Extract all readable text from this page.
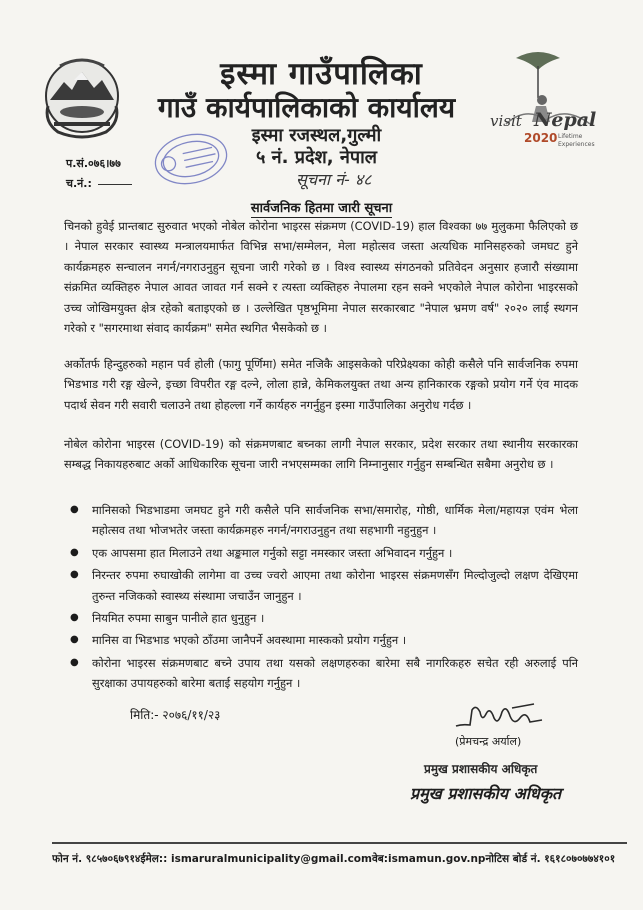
इस्मा गाउँपालिका
गाउँ कार्यपालिकाको कार्यालय
इस्मा रजस्थल,गुल्मी
५ नं. प्रदेश, नेपाल
visit Nepal
2020 Lifetime
Experiences
प.सं.०७६।७७
च.नं.:	सूचना नं- ४८
सार्वजनिक हितमा जारी सूचना
चिनको हुवेई प्रान्तबाट सुरुवात भएको नोबेल कोरोना भाइरस संक्रमण (COVID-19) हाल विश्वका ७७ मुलुकमा फैलिएको छ । नेपाल सरकार स्वास्थ्य मन्त्रालयमार्फत विभिन्न सभा/सम्मेलन, मेला महोत्सव जस्ता अत्यधिक मानिसहरुको जमघट हुने कार्यक्रमहरु सन्चालन नगर्न/नगराउनुहुन सूचना जारी गरेको छ । विश्व स्वास्थ्य संगठनको प्रतिवेदन अनुसार हजारौ संख्यामा संक्रमित व्यक्तिहरु नेपाल आवत जावत गर्न सक्ने र त्यस्ता व्यक्तिहरु नेपालमा रहन सक्ने भएकोले नेपाल कोरोना भाइरसको उच्च जोखिमयुक्त क्षेत्र रहेको बताइएको छ । उल्लेखित पृष्ठभूमिमा नेपाल सरकारबाट "नेपाल भ्रमण वर्ष" २०२० लाई स्थगन गरेको र "सगरमाथा संवाद कार्यक्रम" समेत स्थगित भैसकेको छ ।
अर्कोतर्फ हिन्दुहरुको महान पर्व होली (फागु पूर्णिमा) समेत नजिकै आइसकेको परिप्रेक्ष्यका कोही कसैले पनि सार्वजनिक रुपमा भिडभाड गरी रङ्ग खेल्ने, इच्छा विपरीत रङ्ग दल्ने, लोला हान्ने, केमिकलयुक्त तथा अन्य हानिकारक रङ्गको प्रयोग गर्ने एंव मादक पदार्थ सेवन गरी सवारी चलाउने तथा होहल्ला गर्ने कार्यहरु नगर्नुहुन इस्मा गाउँपालिका अनुरोध गर्दछ ।
नोबेल कोरोना भाइरस (COVID-19) को संक्रमणबाट बच्नका लागी नेपाल सरकार, प्रदेश सरकार तथा स्थानीय सरकारका सम्बद्ध निकायहरुबाट अर्को आधिकारिक सूचना जारी नभएसम्मका लागि निम्नानुसार गर्नुहुन सम्बन्धित सबैमा अनुरोध छ ।
● मानिसको भिडभाडमा जमघट हुने गरी कसैले पनि सार्वजनिक सभा/समारोह, गोष्ठी, धार्मिक मेला/महायज्ञ एवंम भेला महोत्सव तथा भोजभतेर जस्ता कार्यक्रमहरु नगर्न/नगराउनुहुन तथा सहभागी नहुनुहुन ।
● एक आपसमा हात मिलाउने तथा अङ्कमाल गर्नुको सट्टा नमस्कार जस्ता अभिवादन गर्नुहुन ।
● निरन्तर रुपमा रुघाखोकी लागेमा वा उच्च ज्वरो आएमा तथा कोरोना भाइरस संक्रमणसँग मिल्दोजुल्दो लक्षण देखिएमा तुरुन्त नजिकको स्वास्थ्य संस्थामा जचाउँन जानुहुन ।
● नियमित रुपमा साबुन पानीले हात धुनुहुन ।
● मानिस वा भिडभाड भएको ठाँउमा जानैपर्ने अवस्थामा मास्कको प्रयोग गर्नुहुन ।
● कोरोना भाइरस संक्रमणबाट बच्ने उपाय तथा यसको लक्षणहरुका बारेमा सबै नागरिकहरु सचेत रही अरुलाई पनि सुरक्षाका उपायहरुको बारेमा बताई सहयोग गर्नुहुन ।
मिति:- २०७६/११/२३
(प्रेमचन्द्र अर्याल)
प्रमुख प्रशासकीय अधिकृत
प्रमुख प्रशासकीय अधिकृत
फोन नं. ९८५७०६७९१४ईमेल:: ismaruralmunicipality@gmail.comवेब:ismamun.gov.npनोटिस बोर्ड नं. १६१८०७०७७४१०१
